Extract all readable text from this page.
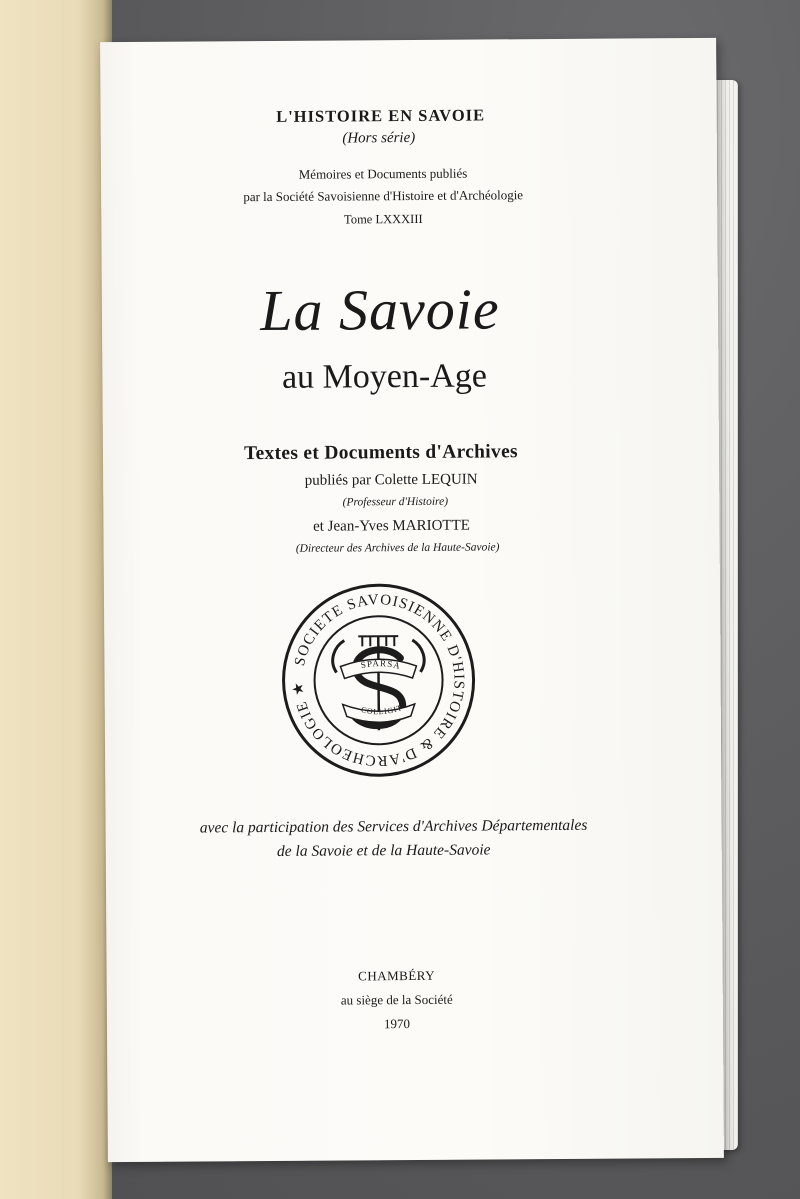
L'HISTOIRE EN SAVOIE

(Hors série)

Mémoires et Documents publiés

par la Société Savoisienne d'Histoire et d'Archéologie

Tome LXXXIII

La Savoie
au Moyen-Age

Textes et Documents d'Archives

publiés par Colette LEQUIN

(Professeur d'Histoire)

et Jean-Yves MARIOTTE

(Directeur des Archives de la Haute-Savoie)

SOCIETE SAVOISIENNE D'HISTOIRE & D'ARCHEOLOGIE ★
SPARSA
COLLIGIT

avec la participation des Services d'Archives Départementales

de la Savoie et de la Haute-Savoie

CHAMBÉRY

au siège de la Société

1970
